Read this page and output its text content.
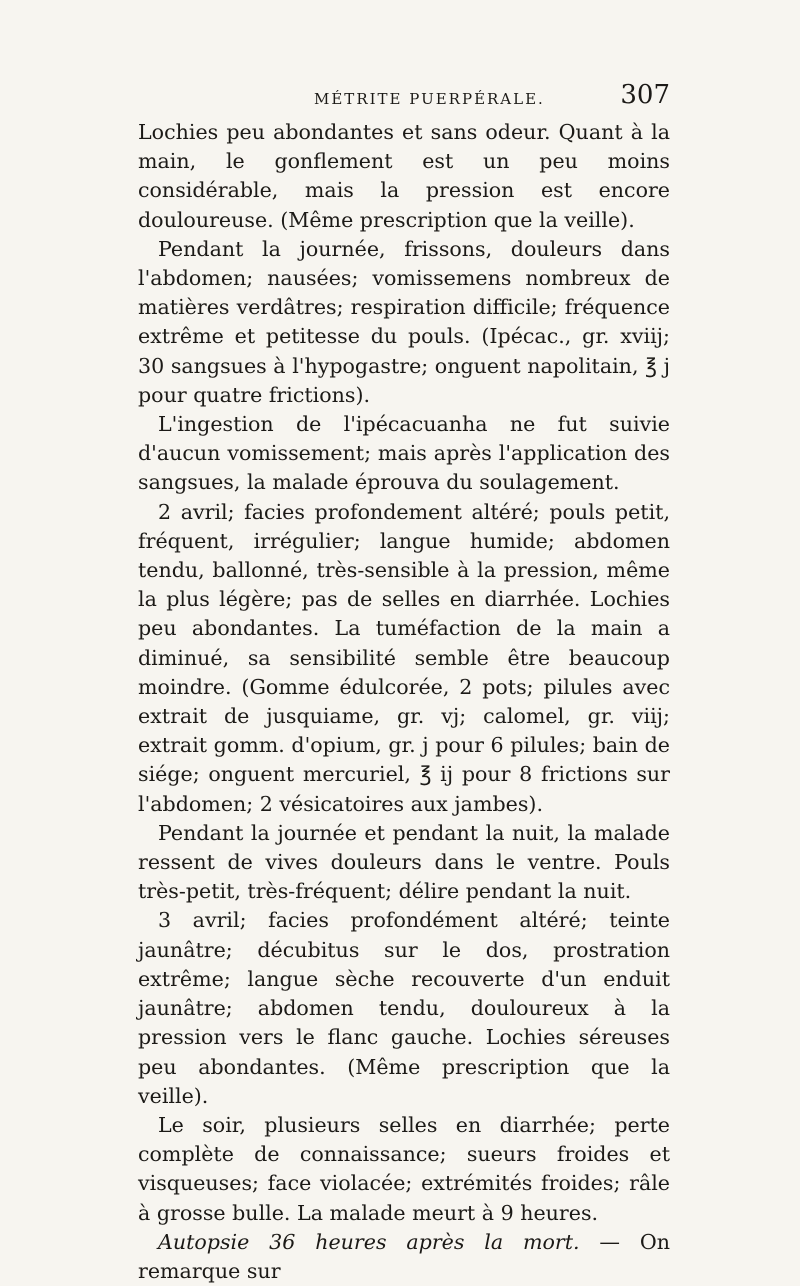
MÉTRITE PUERPÉRALE.	307

Lochies peu abondantes et sans odeur. Quant à la main, le gonflement est un peu moins considérable, mais la pression est encore douloureuse. (Même prescription que la veille).

Pendant la journée, frissons, douleurs dans l'abdomen; nausées; vomissemens nombreux de matières verdâtres; respiration difficile; fréquence extrême et petitesse du pouls. (Ipécac., gr. xviij; 30 sangsues à l'hypogastre; onguent napolitain, ℥ j pour quatre frictions).

L'ingestion de l'ipécacuanha ne fut suivie d'aucun vomissement; mais après l'application des sangsues, la malade éprouva du soulagement.

2 avril; facies profondement altéré; pouls petit, fréquent, irrégulier; langue humide; abdomen tendu, ballonné, très-sensible à la pression, même la plus légère; pas de selles en diarrhée. Lochies peu abondantes. La tuméfaction de la main a diminué, sa sensibilité semble être beaucoup moindre. (Gomme édulcorée, 2 pots; pilules avec extrait de jusquiame, gr. vj; calomel, gr. viij; extrait gomm. d'opium, gr. j pour 6 pilules; bain de siége; onguent mercuriel, ℥ ij pour 8 frictions sur l'abdomen; 2 vésicatoires aux jambes).

Pendant la journée et pendant la nuit, la malade ressent de vives douleurs dans le ventre. Pouls très-petit, très-fréquent; délire pendant la nuit.

3 avril; facies profondément altéré; teinte jaunâtre; décubitus sur le dos, prostration extrême; langue sèche recouverte d'un enduit jaunâtre; abdomen tendu, douloureux à la pression vers le flanc gauche. Lochies séreuses peu abondantes. (Même prescription que la veille).

Le soir, plusieurs selles en diarrhée; perte complète de connaissance; sueurs froides et visqueuses; face violacée; extrémités froides; râle à grosse bulle. La malade meurt à 9 heures.

Autopsie 36 heures après la mort. — On remarque sur
